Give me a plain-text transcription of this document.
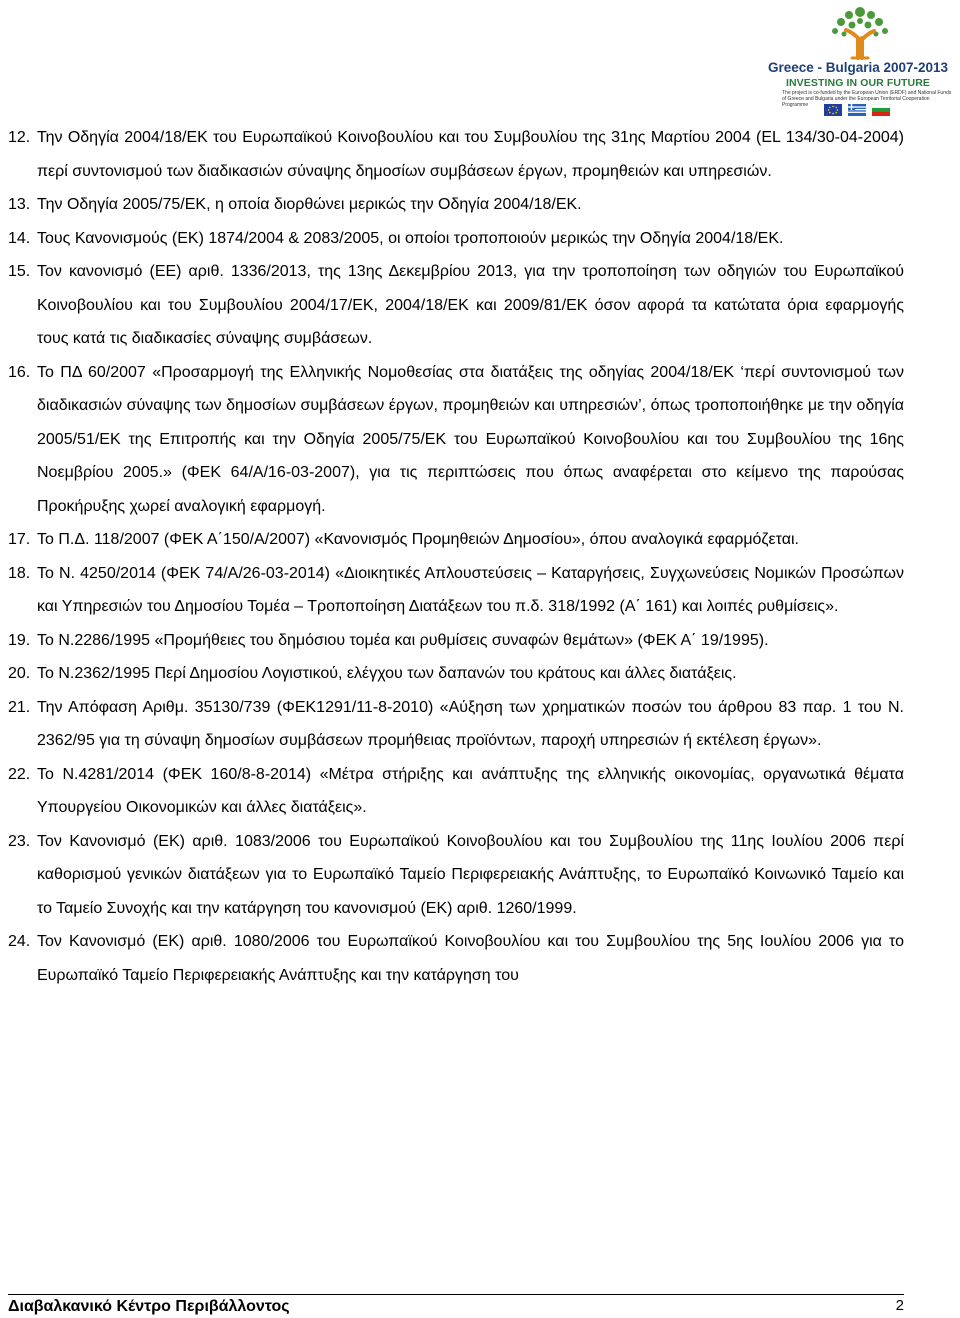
Greece - Bulgaria 2007-2013
INVESTING IN OUR FUTURE
The project is co-funded by the European Union (ERDF) and National Funds of Greece and Bulgaria under the European Territorial Cooperation Programme
12. Την Οδηγία 2004/18/ΕΚ του Ευρωπαϊκού Κοινοβουλίου και του Συμβουλίου της 31ης Μαρτίου 2004 (EL 134/30-04-2004) περί συντονισμού των διαδικασιών σύναψης δημοσίων συμβάσεων έργων, προμηθειών και υπηρεσιών.
13. Την Οδηγία 2005/75/ΕΚ, η οποία διορθώνει μερικώς την Οδηγία 2004/18/ΕΚ.
14. Τους Κανονισμούς (ΕΚ) 1874/2004 & 2083/2005, οι οποίοι τροποποιούν μερικώς την Οδηγία 2004/18/ΕΚ.
15. Τον κανονισμό (ΕΕ) αριθ. 1336/2013, της 13ης Δεκεμβρίου 2013, για την τροποποίηση των οδηγιών του Ευρωπαϊκού Κοινοβουλίου και του Συμβουλίου 2004/17/ΕΚ, 2004/18/ΕΚ και 2009/81/ΕΚ όσον αφορά τα κατώτατα όρια εφαρμογής τους κατά τις διαδικασίες σύναψης συμβάσεων.
16. Το ΠΔ 60/2007 «Προσαρμογή της Ελληνικής Νομοθεσίας στα διατάξεις της οδηγίας 2004/18/ΕΚ ‘περί συντονισμού των διαδικασιών σύναψης των δημοσίων συμβάσεων έργων, προμηθειών και υπηρεσιών’, όπως τροποποιήθηκε με την οδηγία 2005/51/ΕΚ της Επιτροπής και την Οδηγία 2005/75/ΕΚ του Ευρωπαϊκού Κοινοβουλίου και του Συμβουλίου της 16ης Νοεμβρίου 2005.» (ΦΕΚ 64/Α/16-03-2007), για τις περιπτώσεις που όπως αναφέρεται στο κείμενο της παρούσας Προκήρυξης χωρεί αναλογική εφαρμογή.
17. Το Π.Δ. 118/2007 (ΦΕΚ Α΄150/Α/2007) «Κανονισμός Προμηθειών Δημοσίου», όπου αναλογικά εφαρμόζεται.
18. Το Ν. 4250/2014 (ΦΕΚ 74/Α/26-03-2014) «Διοικητικές Απλουστεύσεις – Καταργήσεις, Συγχωνεύσεις Νομικών Προσώπων και Υπηρεσιών του Δημοσίου Τομέα – Τροποποίηση Διατάξεων του π.δ. 318/1992 (Α΄ 161) και λοιπές ρυθμίσεις».
19. Το Ν.2286/1995 «Προμήθειες του δημόσιου τομέα και ρυθμίσεις συναφών θεμάτων» (ΦΕΚ Α΄ 19/1995).
20. Το Ν.2362/1995 Περί Δημοσίου Λογιστικού, ελέγχου των δαπανών του κράτους και άλλες διατάξεις.
21. Την Απόφαση Αριθμ. 35130/739 (ΦΕΚ1291/11-8-2010) «Αύξηση των χρηματικών ποσών του άρθρου 83 παρ. 1 του Ν. 2362/95 για τη σύναψη δημοσίων συμβάσεων προμήθειας προϊόντων, παροχή υπηρεσιών ή εκτέλεση έργων».
22. Το Ν.4281/2014 (ΦΕΚ 160/8-8-2014) «Μέτρα στήριξης και ανάπτυξης της ελληνικής οικονομίας, οργανωτικά θέματα Υπουργείου Οικονομικών και άλλες διατάξεις».
23. Τον Κανονισμό (ΕΚ) αριθ. 1083/2006 του Ευρωπαϊκού Κοινοβουλίου και του Συμβουλίου της 11ης Ιουλίου 2006 περί καθορισμού γενικών διατάξεων για το Ευρωπαϊκό Ταμείο Περιφερειακής Ανάπτυξης, το Ευρωπαϊκό Κοινωνικό Ταμείο και το Ταμείο Συνοχής και την κατάργηση του κανονισμού (ΕΚ) αριθ. 1260/1999.
24. Τον Κανονισμό (ΕΚ) αριθ. 1080/2006 του Ευρωπαϊκού Κοινοβουλίου και του Συμβουλίου της 5ης Ιουλίου 2006 για το Ευρωπαϊκό Ταμείο Περιφερειακής Ανάπτυξης και την κατάργηση του
Διαβαλκανικό Κέντρο Περιβάλλοντος	2
